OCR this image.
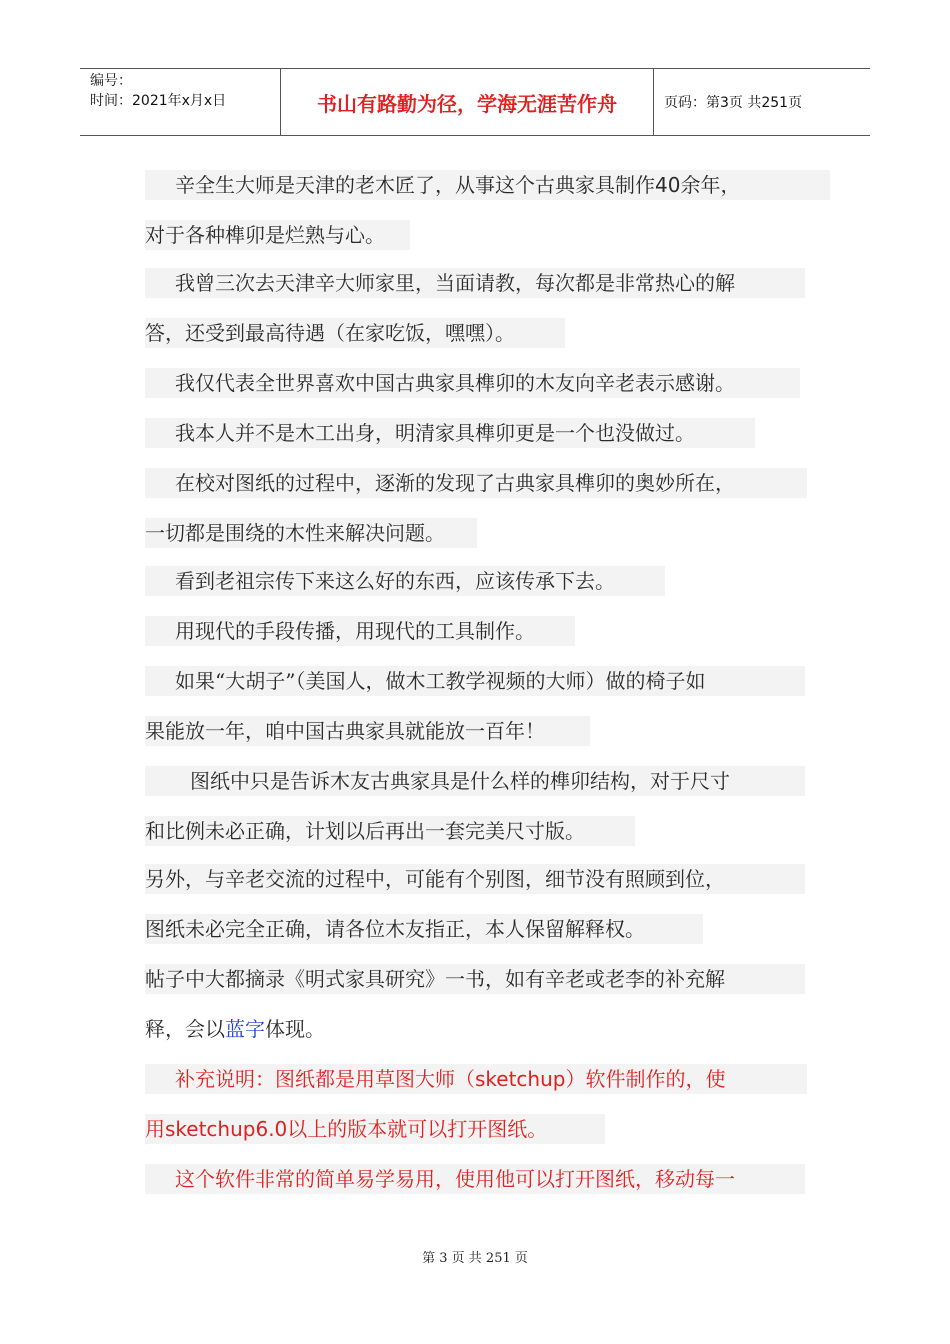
编号：
时间：2021年x月x日	书山有路勤为径，学海无涯苦作舟	页码：第3页 共251页
辛全生大师是天津的老木匠了，从事这个古典家具制作40余年，
对于各种榫卯是烂熟与心。
我曾三次去天津辛大师家里，当面请教，每次都是非常热心的解
答，还受到最高待遇（在家吃饭，嘿嘿）。
我仅代表全世界喜欢中国古典家具榫卯的木友向辛老表示感谢。
我本人并不是木工出身，明清家具榫卯更是一个也没做过。
在校对图纸的过程中，逐渐的发现了古典家具榫卯的奥妙所在，
一切都是围绕的木性来解决问题。
看到老祖宗传下来这么好的东西，应该传承下去。
用现代的手段传播，用现代的工具制作。
如果“大胡子”（美国人，做木工教学视频的大师）做的椅子如
果能放一年，咱中国古典家具就能放一百年！
图纸中只是告诉木友古典家具是什么样的榫卯结构，对于尺寸
和比例未必正确，计划以后再出一套完美尺寸版。
另外，与辛老交流的过程中，可能有个别图，细节没有照顾到位，
图纸未必完全正确，请各位木友指正，本人保留解释权。
帖子中大都摘录《明式家具研究》一书，如有辛老或老李的补充解
释，会以蓝字体现。
补充说明：图纸都是用草图大师（sketchup）软件制作的，使
用sketchup6.0以上的版本就可以打开图纸。
这个软件非常的简单易学易用，使用他可以打开图纸，移动每一
第 3 页 共 251 页
